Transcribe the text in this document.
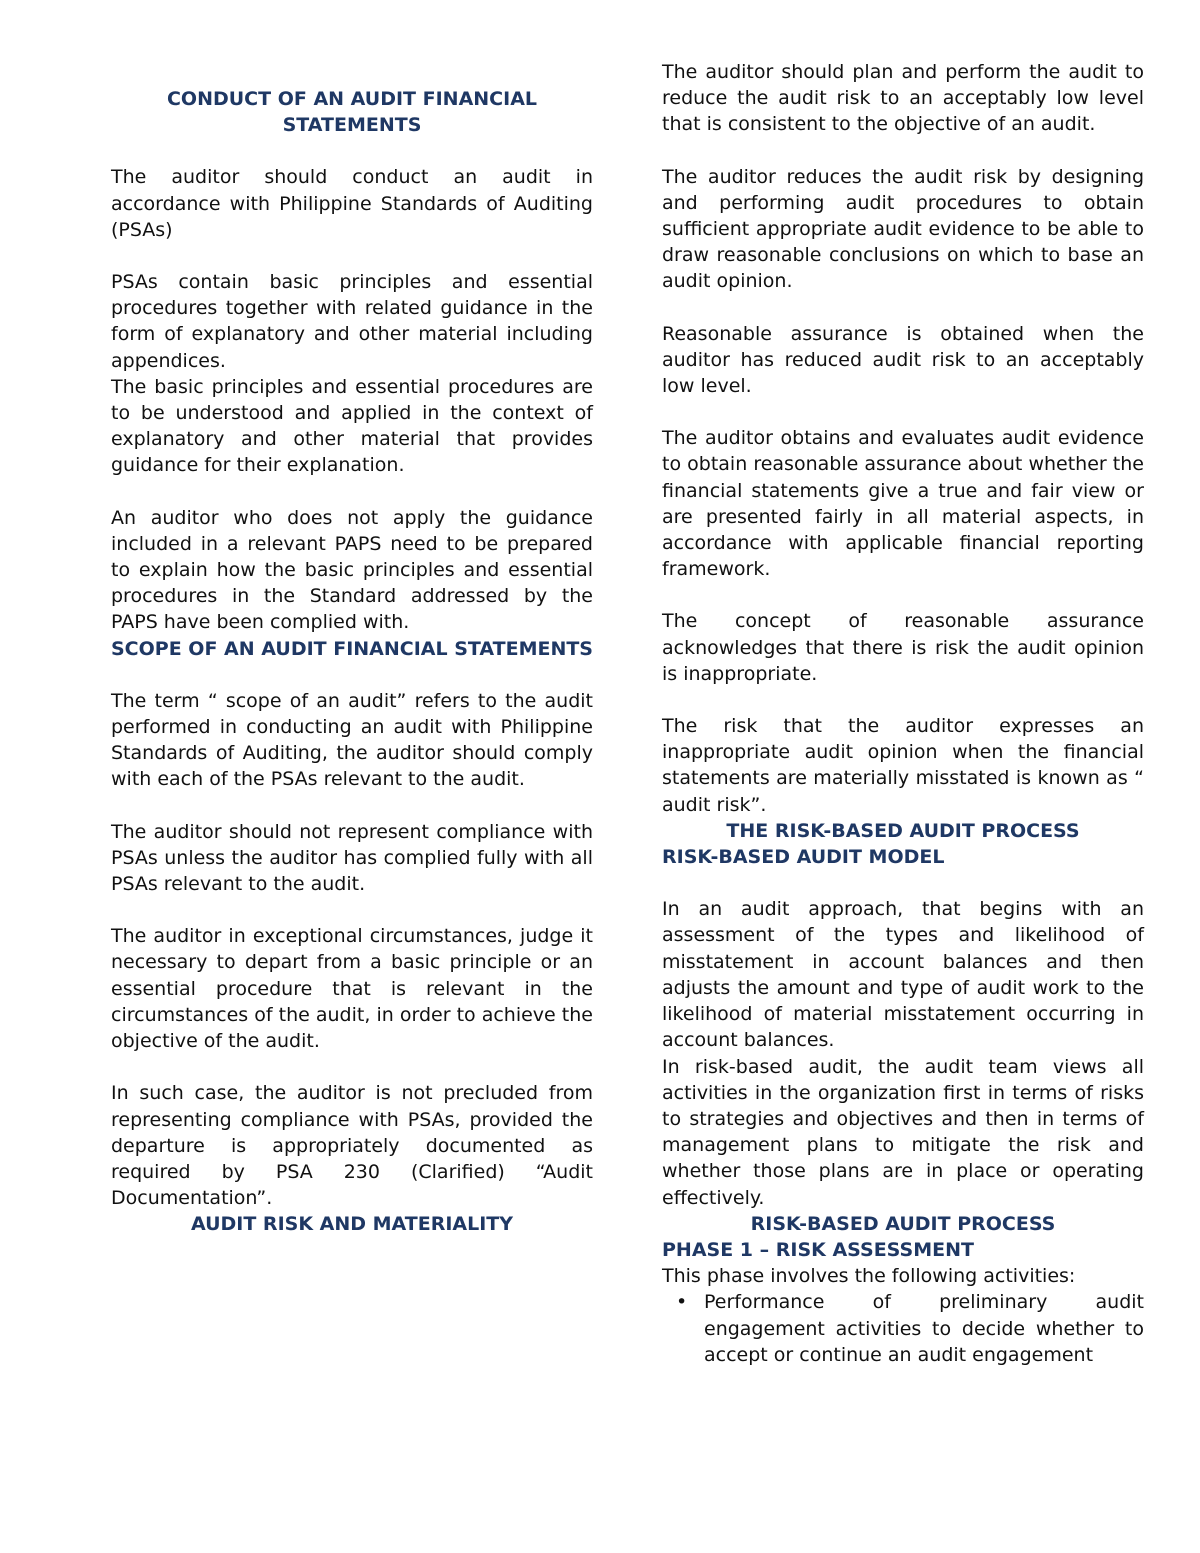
CONDUCT OF AN AUDIT FINANCIAL STATEMENTS

The auditor should conduct an audit in accordance with Philippine Standards of Auditing (PSAs)

PSAs contain basic principles and essential procedures together with related guidance in the form of explanatory and other material including appendices.

The basic principles and essential procedures are to be understood and applied in the context of explanatory and other material that provides guidance for their explanation.

An auditor who does not apply the guidance included in a relevant PAPS need to be prepared to explain how the basic principles and essential procedures in the Standard addressed by the PAPS have been complied with.

SCOPE OF AN AUDIT FINANCIAL STATEMENTS

The term “ scope of an audit” refers to the audit performed in conducting an audit with Philippine Standards of Auditing, the auditor should comply with each of the PSAs relevant to the audit.

The auditor should not represent compliance with PSAs unless the auditor has complied fully with all PSAs relevant to the audit.

The auditor in exceptional circumstances, judge it necessary to depart from a basic principle or an essential procedure that is relevant in the circumstances of the audit, in order to achieve the objective of the audit.

In such case, the auditor is not precluded from representing compliance with PSAs, provided the departure is appropriately documented as required by PSA 230 (Clarified) “Audit Documentation”.

AUDIT RISK AND MATERIALITY

The auditor should plan and perform the audit to reduce the audit risk to an acceptably low level that is consistent to the objective of an audit.

The auditor reduces the audit risk by designing and performing audit procedures to obtain sufficient appropriate audit evidence to be able to draw reasonable conclusions on which to base an audit opinion.

Reasonable assurance is obtained when the auditor has reduced audit risk to an acceptably low level.

The auditor obtains and evaluates audit evidence to obtain reasonable assurance about whether the financial statements give a true and fair view or are presented fairly in all material aspects, in accordance with applicable financial reporting framework.

The concept of reasonable assurance acknowledges that there is risk the audit opinion is inappropriate.

The risk that the auditor expresses an inappropriate audit opinion when the financial statements are materially misstated is known as “ audit risk”.

THE RISK-BASED AUDIT PROCESS
RISK-BASED AUDIT MODEL

In an audit approach, that begins with an assessment of the types and likelihood of misstatement in account balances and then adjusts the amount and type of audit work to the likelihood of material misstatement occurring in account balances.

In risk-based audit, the audit team views all activities in the organization first in terms of risks to strategies and objectives and then in terms of management plans to mitigate the risk and whether those plans are in place or operating effectively.

RISK-BASED AUDIT PROCESS
PHASE 1 – RISK ASSESSMENT

This phase involves the following activities:

• Performance of preliminary audit engagement activities to decide whether to accept or continue an audit engagement
